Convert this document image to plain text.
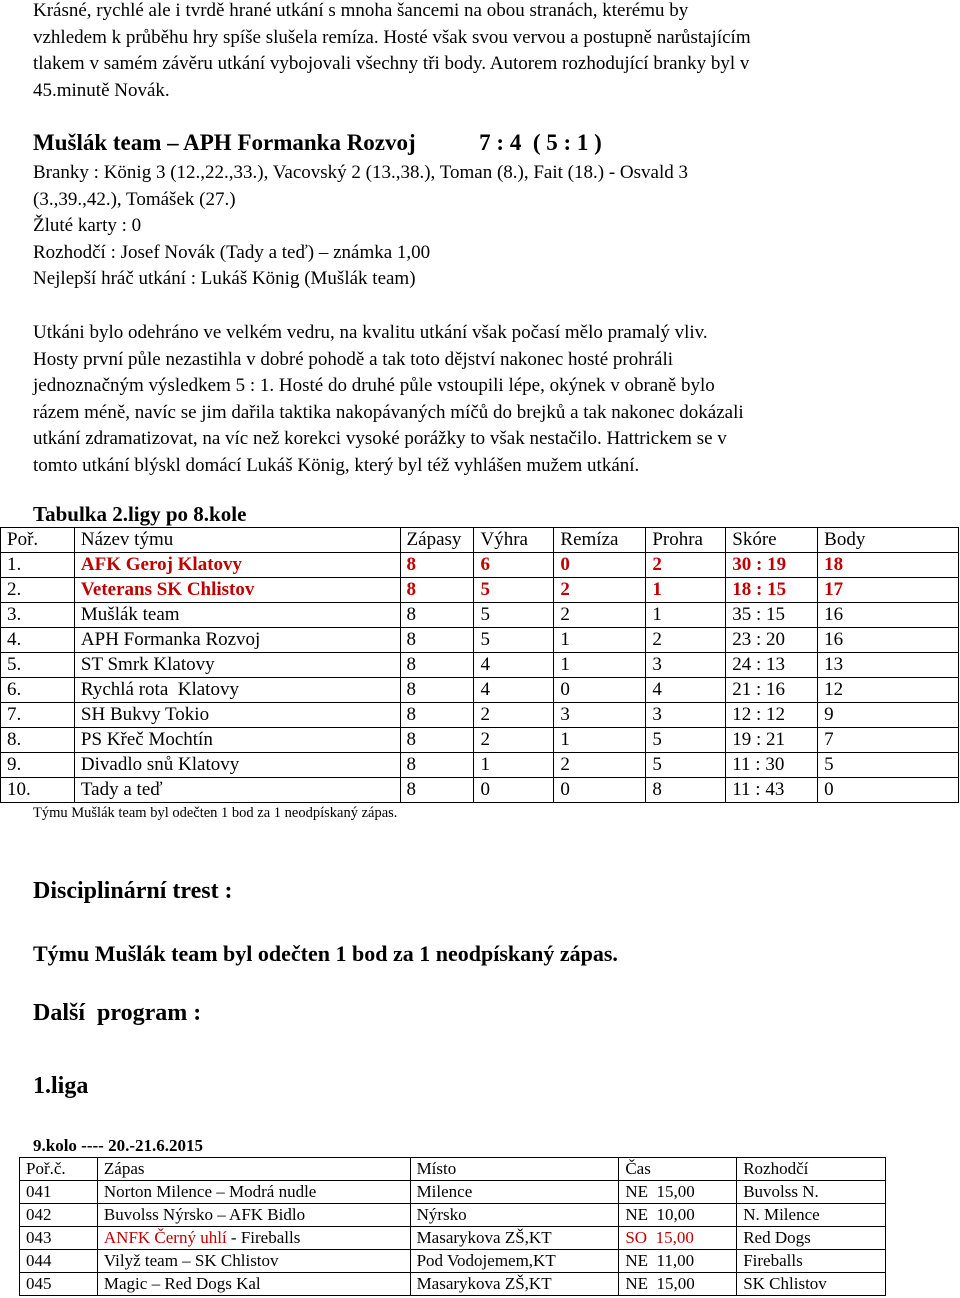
Krásné, rychlé ale i tvrdě hrané utkání s mnoha šancemi na obou stranách, kterému by
vzhledem k průběhu hry spíše slušela remíza. Hosté však svou vervou a postupně narůstajícím
tlakem v samém závěru utkání vybojovali všechny tři body. Autorem rozhodující branky byl v
45.minutě Novák.
Mušlák team – APH Formanka Rozvoj	7 : 4  ( 5 : 1 )
Branky : König 3 (12.,22.,33.), Vacovský 2 (13.,38.), Toman (8.), Fait (18.) - Osvald 3
(3.,39.,42.), Tomášek (27.)
Žluté karty : 0
Rozhodčí : Josef Novák (Tady a teď) – známka 1,00
Nejlepší hráč utkání : Lukáš König (Mušlák team)
Utkáni bylo odehráno ve velkém vedru, na kvalitu utkání však počasí mělo pramalý vliv.
Hosty první půle nezastihla v dobré pohodě a tak toto dějství nakonec hosté prohráli
jednoznačným výsledkem 5 : 1. Hosté do druhé půle vstoupili lépe, okýnek v obraně bylo
rázem méně, navíc se jim dařila taktika nakopávaných míčů do brejků a tak nakonec dokázali
utkání zdramatizovat, na víc než korekci vysoké porážky to však nestačilo. Hattrickem se v
tomto utkání blýskl domácí Lukáš König, který byl též vyhlášen mužem utkání.
Tabulka 2.ligy po 8.kole
Poř.	Název týmu	Zápasy	Výhra	Remíza	Prohra	Skóre	Body
1.	AFK Geroj Klatovy	8	6	0	2	30 : 19	18
2.	Veterans SK Chlistov	8	5	2	1	18 : 15	17
3.	Mušlák team	8	5	2	1	35 : 15	16
4.	APH Formanka Rozvoj	8	5	1	2	23 : 20	16
5.	ST Smrk Klatovy	8	4	1	3	24 : 13	13
6.	Rychlá rota  Klatovy	8	4	0	4	21 : 16	12
7.	SH Bukvy Tokio	8	2	3	3	12 : 12	9
8.	PS Křeč Mochtín	8	2	1	5	19 : 21	7
9.	Divadlo snů Klatovy	8	1	2	5	11 : 30	5
10.	Tady a teď	8	0	0	8	11 : 43	0
Týmu Mušlák team byl odečten 1 bod za 1 neodpískaný zápas.
Disciplinární trest :
Týmu Mušlák team byl odečten 1 bod za 1 neodpískaný zápas.
Další  program :
1.liga
9.kolo ---- 20.-21.6.2015
Poř.č.	Zápas	Místo	Čas	Rozhodčí
041	Norton Milence – Modrá nudle	Milence	NE  15,00	Buvolss N.
042	Buvolss Nýrsko – AFK Bidlo	Nýrsko	NE  10,00	N. Milence
043	ANFK Černý uhlí - Fireballs	Masarykova ZŠ,KT	SO  15,00	Red Dogs
044	Vilyž team – SK Chlistov	Pod Vodojemem,KT	NE  11,00	Fireballs
045	Magic – Red Dogs Kal	Masarykova ZŠ,KT	NE  15,00	SK Chlistov
